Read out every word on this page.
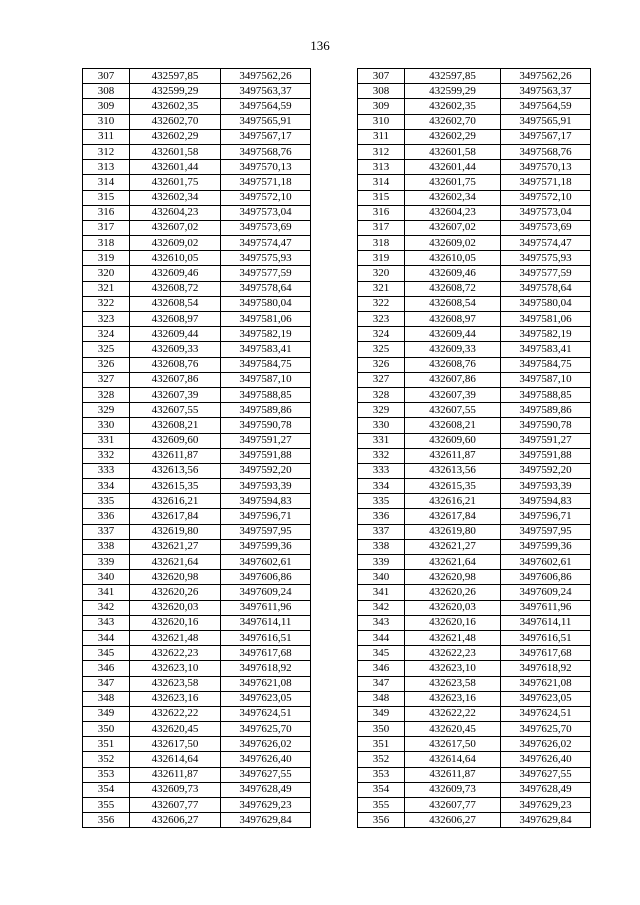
136
307	432597,85	3497562,26		307	432597,85	3497562,26
308	432599,29	3497563,37		308	432599,29	3497563,37
309	432602,35	3497564,59		309	432602,35	3497564,59
310	432602,70	3497565,91		310	432602,70	3497565,91
311	432602,29	3497567,17		311	432602,29	3497567,17
312	432601,58	3497568,76		312	432601,58	3497568,76
313	432601,44	3497570,13		313	432601,44	3497570,13
314	432601,75	3497571,18		314	432601,75	3497571,18
315	432602,34	3497572,10		315	432602,34	3497572,10
316	432604,23	3497573,04		316	432604,23	3497573,04
317	432607,02	3497573,69		317	432607,02	3497573,69
318	432609,02	3497574,47		318	432609,02	3497574,47
319	432610,05	3497575,93		319	432610,05	3497575,93
320	432609,46	3497577,59		320	432609,46	3497577,59
321	432608,72	3497578,64		321	432608,72	3497578,64
322	432608,54	3497580,04		322	432608,54	3497580,04
323	432608,97	3497581,06		323	432608,97	3497581,06
324	432609,44	3497582,19		324	432609,44	3497582,19
325	432609,33	3497583,41		325	432609,33	3497583,41
326	432608,76	3497584,75		326	432608,76	3497584,75
327	432607,86	3497587,10		327	432607,86	3497587,10
328	432607,39	3497588,85		328	432607,39	3497588,85
329	432607,55	3497589,86		329	432607,55	3497589,86
330	432608,21	3497590,78		330	432608,21	3497590,78
331	432609,60	3497591,27		331	432609,60	3497591,27
332	432611,87	3497591,88		332	432611,87	3497591,88
333	432613,56	3497592,20		333	432613,56	3497592,20
334	432615,35	3497593,39		334	432615,35	3497593,39
335	432616,21	3497594,83		335	432616,21	3497594,83
336	432617,84	3497596,71		336	432617,84	3497596,71
337	432619,80	3497597,95		337	432619,80	3497597,95
338	432621,27	3497599,36		338	432621,27	3497599,36
339	432621,64	3497602,61		339	432621,64	3497602,61
340	432620,98	3497606,86		340	432620,98	3497606,86
341	432620,26	3497609,24		341	432620,26	3497609,24
342	432620,03	3497611,96		342	432620,03	3497611,96
343	432620,16	3497614,11		343	432620,16	3497614,11
344	432621,48	3497616,51		344	432621,48	3497616,51
345	432622,23	3497617,68		345	432622,23	3497617,68
346	432623,10	3497618,92		346	432623,10	3497618,92
347	432623,58	3497621,08		347	432623,58	3497621,08
348	432623,16	3497623,05		348	432623,16	3497623,05
349	432622,22	3497624,51		349	432622,22	3497624,51
350	432620,45	3497625,70		350	432620,45	3497625,70
351	432617,50	3497626,02		351	432617,50	3497626,02
352	432614,64	3497626,40		352	432614,64	3497626,40
353	432611,87	3497627,55		353	432611,87	3497627,55
354	432609,73	3497628,49		354	432609,73	3497628,49
355	432607,77	3497629,23		355	432607,77	3497629,23
356	432606,27	3497629,84		356	432606,27	3497629,84
